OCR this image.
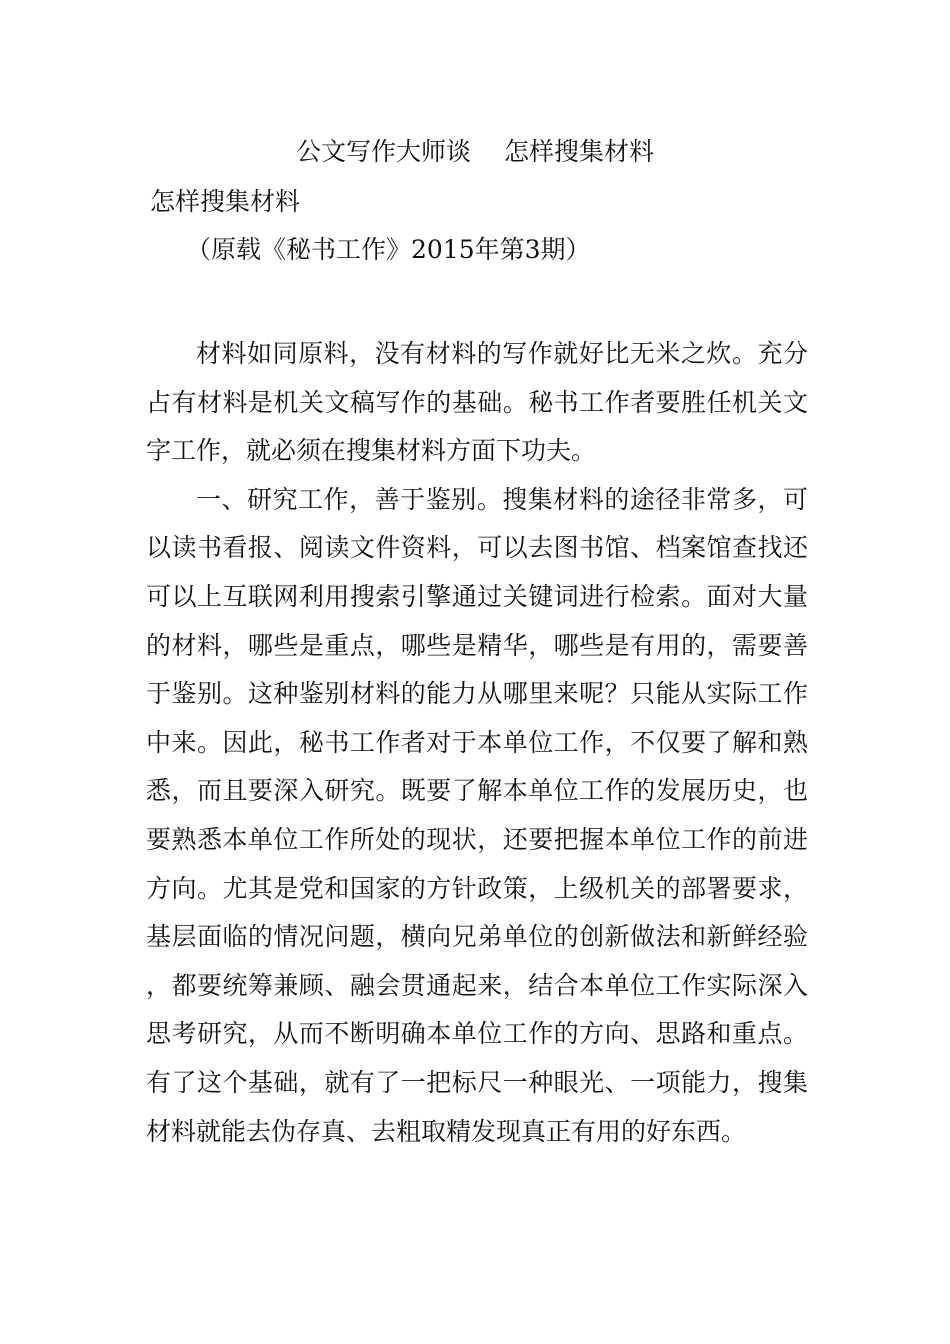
公文写作大师谈　 怎样搜集材料
怎样搜集材料
（原载《秘书工作》2015年第3期）

材料如同原料，没有材料的写作就好比无米之炊。充分占有材料是机关文稿写作的基础。秘书工作者要胜任机关文字工作，就必须在搜集材料方面下功夫。

一、研究工作，善于鉴别。搜集材料的途径非常多，可以读书看报、阅读文件资料，可以去图书馆、档案馆查找还可以上互联网利用搜索引擎通过关键词进行检索。面对大量的材料，哪些是重点，哪些是精华，哪些是有用的，需要善于鉴别。这种鉴别材料的能力从哪里来呢？只能从实际工作中来。因此，秘书工作者对于本单位工作，不仅要了解和熟悉，而且要深入研究。既要了解本单位工作的发展历史，也要熟悉本单位工作所处的现状，还要把握本单位工作的前进方向。尤其是党和国家的方针政策，上级机关的部署要求，基层面临的情况问题，横向兄弟单位的创新做法和新鲜经验，都要统筹兼顾、融会贯通起来，结合本单位工作实际深入思考研究，从而不断明确本单位工作的方向、思路和重点。有了这个基础，就有了一把标尺一种眼光、一项能力，搜集材料就能去伪存真、去粗取精发现真正有用的好东西。
